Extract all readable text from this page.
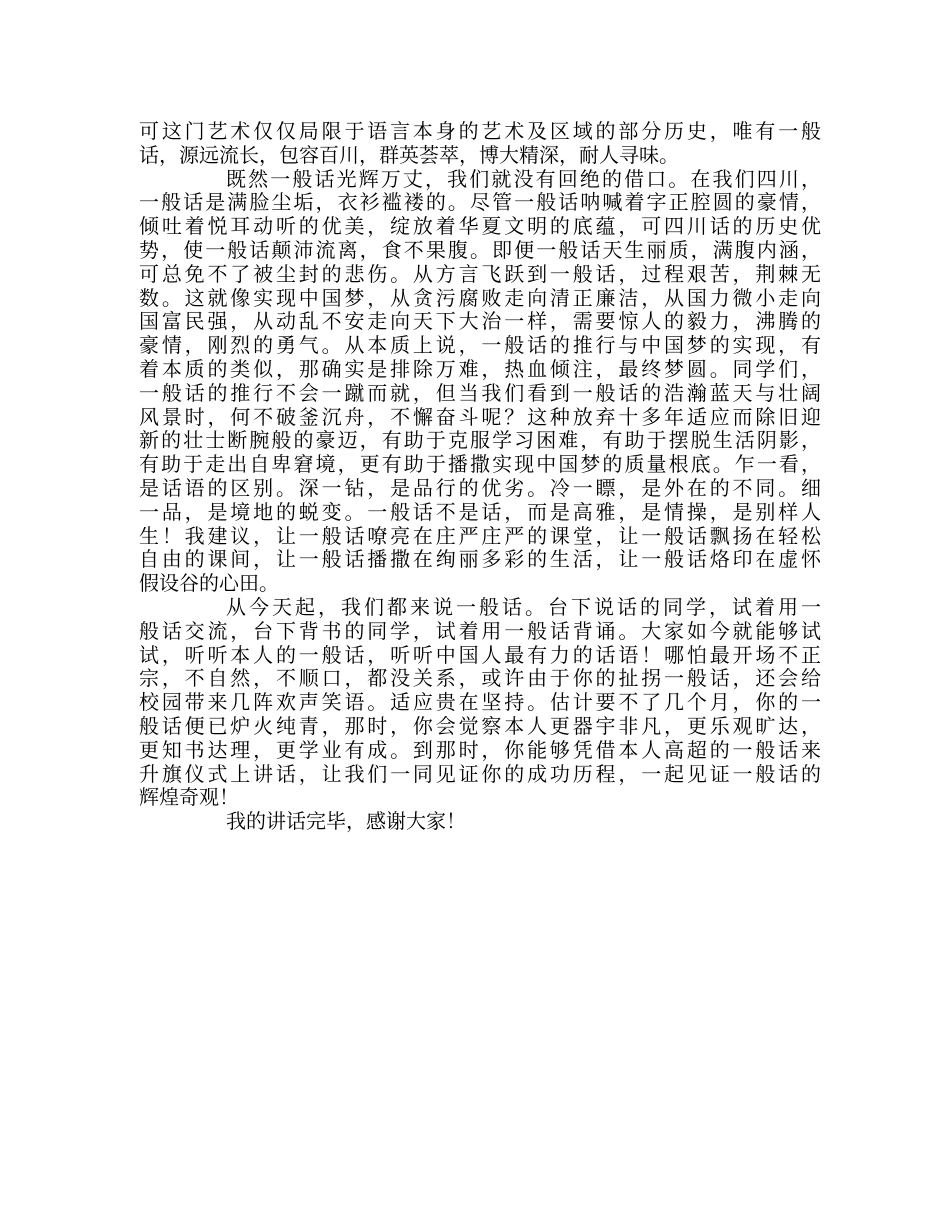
可这门艺术仅仅局限于语言本身的艺术及区域的部分历史，唯有一般
话，源远流长，包容百川，群英荟萃，博大精深，耐人寻味。
既然一般话光辉万丈，我们就没有回绝的借口。在我们四川，
一般话是满脸尘垢，衣衫褴褛的。尽管一般话呐喊着字正腔圆的豪情，
倾吐着悦耳动听的优美，绽放着华夏文明的底蕴，可四川话的历史优
势，使一般话颠沛流离，食不果腹。即便一般话天生丽质，满腹内涵，
可总免不了被尘封的悲伤。从方言飞跃到一般话，过程艰苦，荆棘无
数。这就像实现中国梦，从贪污腐败走向清正廉洁，从国力微小走向
国富民强，从动乱不安走向天下大治一样，需要惊人的毅力，沸腾的
豪情，刚烈的勇气。从本质上说，一般话的推行与中国梦的实现，有
着本质的类似，那确实是排除万难，热血倾注，最终梦圆。同学们，
一般话的推行不会一蹴而就，但当我们看到一般话的浩瀚蓝天与壮阔
风景时，何不破釜沉舟，不懈奋斗呢？这种放弃十多年适应而除旧迎
新的壮士断腕般的豪迈，有助于克服学习困难，有助于摆脱生活阴影，
有助于走出自卑窘境，更有助于播撒实现中国梦的质量根底。乍一看，
是话语的区别。深一钻，是品行的优劣。冷一瞟，是外在的不同。细
一品，是境地的蜕变。一般话不是话，而是高雅，是情操，是别样人
生！我建议，让一般话嘹亮在庄严庄严的课堂，让一般话飘扬在轻松
自由的课间，让一般话播撒在绚丽多彩的生活，让一般话烙印在虚怀
假设谷的心田。
从今天起，我们都来说一般话。台下说话的同学，试着用一
般话交流，台下背书的同学，试着用一般话背诵。大家如今就能够试
试，听听本人的一般话，听听中国人最有力的话语！哪怕最开场不正
宗，不自然，不顺口，都没关系，或许由于你的扯拐一般话，还会给
校园带来几阵欢声笑语。适应贵在坚持。估计要不了几个月，你的一
般话便已炉火纯青，那时，你会觉察本人更器宇非凡，更乐观旷达，
更知书达理，更学业有成。到那时，你能够凭借本人高超的一般话来
升旗仪式上讲话，让我们一同见证你的成功历程，一起见证一般话的
辉煌奇观！
我的讲话完毕，感谢大家！
